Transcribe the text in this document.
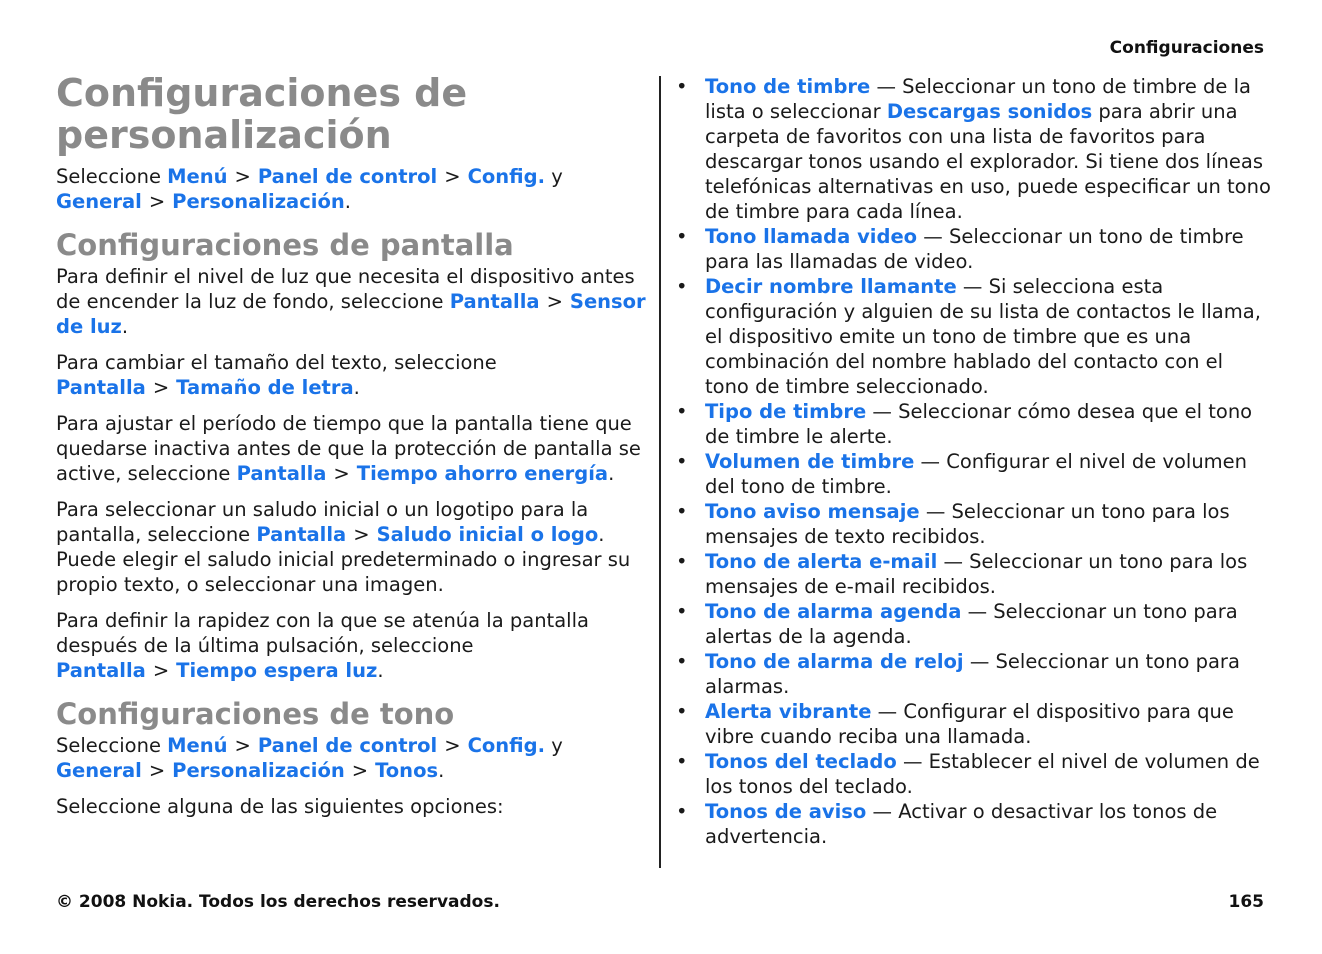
Configuraciones
Configuraciones de personalización

Seleccione Menú > Panel de control > Config. y General > Personalización.

Configuraciones de pantalla

Para definir el nivel de luz que necesita el dispositivo antes de encender la luz de fondo, seleccione Pantalla > Sensor de luz.

Para cambiar el tamaño del texto, seleccione Pantalla > Tamaño de letra.

Para ajustar el período de tiempo que la pantalla tiene que quedarse inactiva antes de que la protección de pantalla se active, seleccione Pantalla > Tiempo ahorro energía.

Para seleccionar un saludo inicial o un logotipo para la pantalla, seleccione Pantalla > Saludo inicial o logo. Puede elegir el saludo inicial predeterminado o ingresar su propio texto, o seleccionar una imagen.

Para definir la rapidez con la que se atenúa la pantalla después de la última pulsación, seleccione Pantalla > Tiempo espera luz.

Configuraciones de tono

Seleccione Menú > Panel de control > Config. y General > Personalización > Tonos.

Seleccione alguna de las siguientes opciones:

• Tono de timbre — Seleccionar un tono de timbre de la lista o seleccionar Descargas sonidos para abrir una carpeta de favoritos con una lista de favoritos para descargar tonos usando el explorador. Si tiene dos líneas telefónicas alternativas en uso, puede especificar un tono de timbre para cada línea.
• Tono llamada video — Seleccionar un tono de timbre para las llamadas de video.
• Decir nombre llamante — Si selecciona esta configuración y alguien de su lista de contactos le llama, el dispositivo emite un tono de timbre que es una combinación del nombre hablado del contacto con el tono de timbre seleccionado.
• Tipo de timbre — Seleccionar cómo desea que el tono de timbre le alerte.
• Volumen de timbre — Configurar el nivel de volumen del tono de timbre.
• Tono aviso mensaje — Seleccionar un tono para los mensajes de texto recibidos.
• Tono de alerta e-mail — Seleccionar un tono para los mensajes de e-mail recibidos.
• Tono de alarma agenda — Seleccionar un tono para alertas de la agenda.
• Tono de alarma de reloj — Seleccionar un tono para alarmas.
• Alerta vibrante — Configurar el dispositivo para que vibre cuando reciba una llamada.
• Tonos del teclado — Establecer el nivel de volumen de los tonos del teclado.
• Tonos de aviso — Activar o desactivar los tonos de advertencia.
© 2008 Nokia. Todos los derechos reservados.	165
